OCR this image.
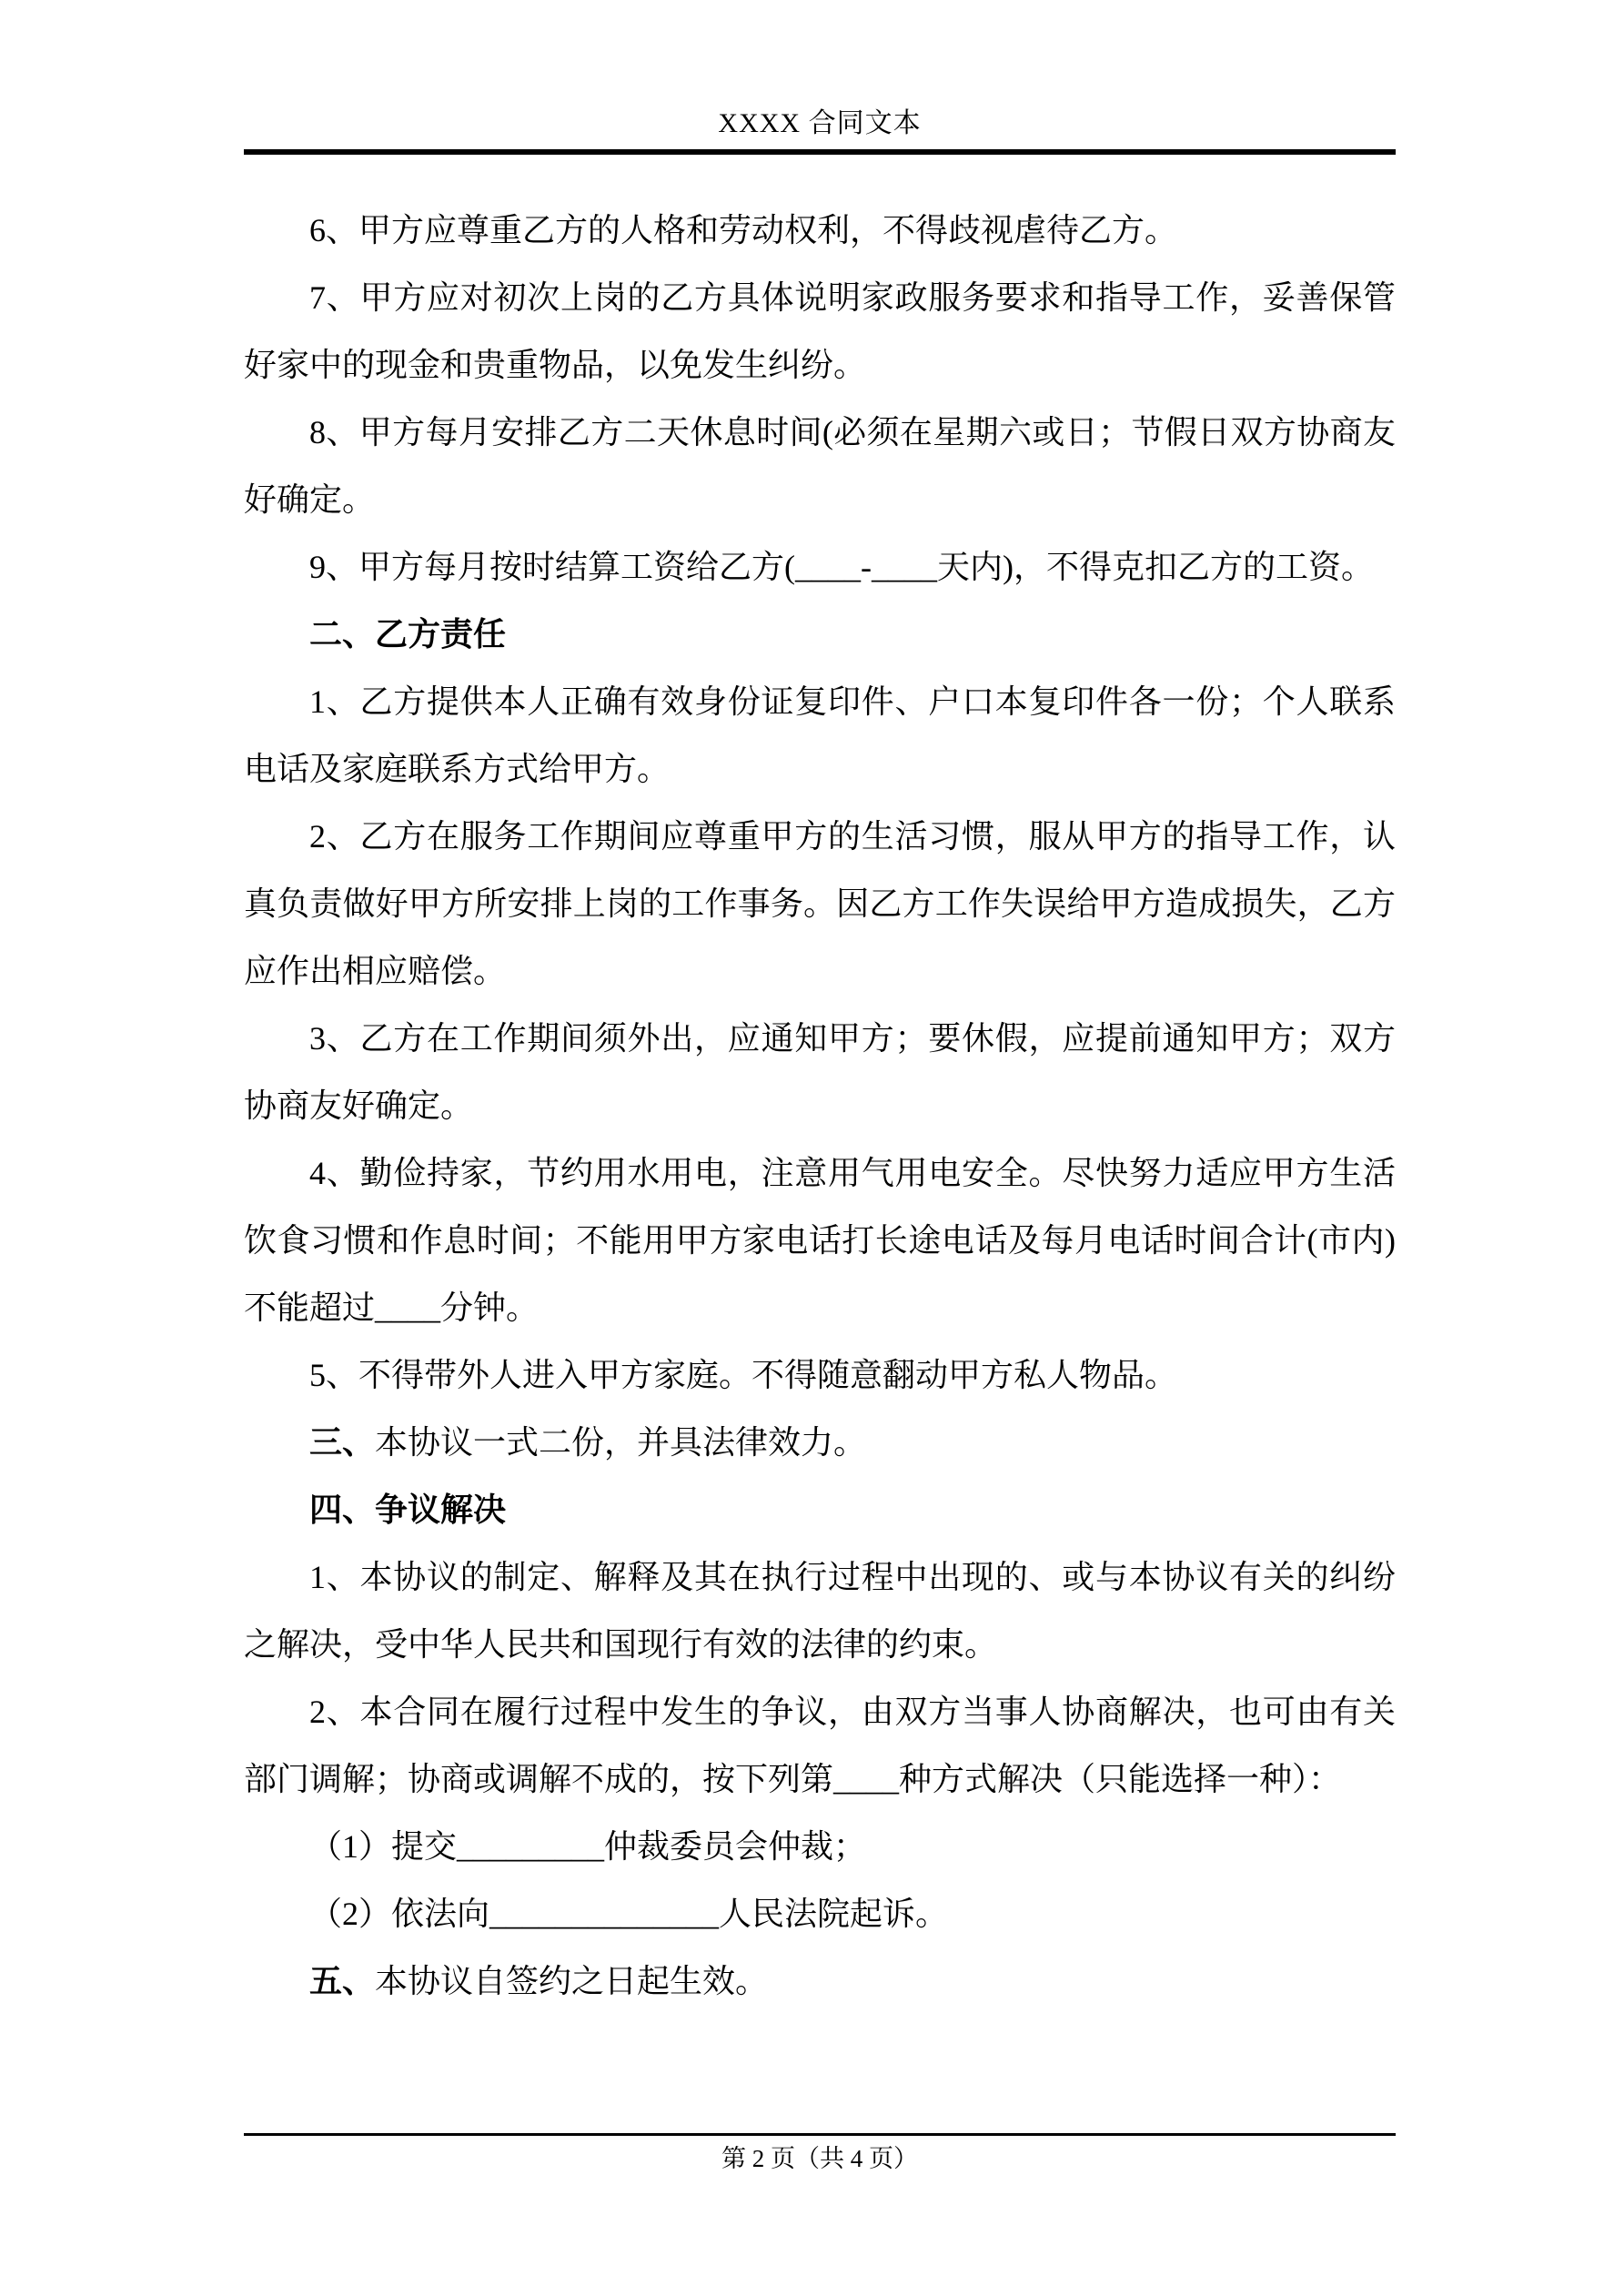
XXXX 合同文本

6、甲方应尊重乙方的人格和劳动权利，不得歧视虐待乙方。

7、甲方应对初次上岗的乙方具体说明家政服务要求和指导工作，妥善保管好家中的现金和贵重物品，以免发生纠纷。

8、甲方每月安排乙方二天休息时间(必须在星期六或日；节假日双方协商友好确定。

9、甲方每月按时结算工资给乙方(____-____天内)，不得克扣乙方的工资。

二、乙方责任

1、乙方提供本人正确有效身份证复印件、户口本复印件各一份；个人联系电话及家庭联系方式给甲方。

2、乙方在服务工作期间应尊重甲方的生活习惯，服从甲方的指导工作，认真负责做好甲方所安排上岗的工作事务。因乙方工作失误给甲方造成损失，乙方应作出相应赔偿。

3、乙方在工作期间须外出，应通知甲方；要休假，应提前通知甲方；双方协商友好确定。

4、勤俭持家，节约用水用电，注意用气用电安全。尽快努力适应甲方生活饮食习惯和作息时间；不能用甲方家电话打长途电话及每月电话时间合计(市内)不能超过____分钟。

5、不得带外人进入甲方家庭。不得随意翻动甲方私人物品。

三、本协议一式二份，并具法律效力。

四、争议解决

1、本协议的制定、解释及其在执行过程中出现的、或与本协议有关的纠纷之解决，受中华人民共和国现行有效的法律的约束。

2、本合同在履行过程中发生的争议，由双方当事人协商解决，也可由有关部门调解；协商或调解不成的，按下列第____种方式解决（只能选择一种）：

（1）提交_________仲裁委员会仲裁；

（2）依法向______________人民法院起诉。

五、本协议自签约之日起生效。

第 2 页（共 4 页）
